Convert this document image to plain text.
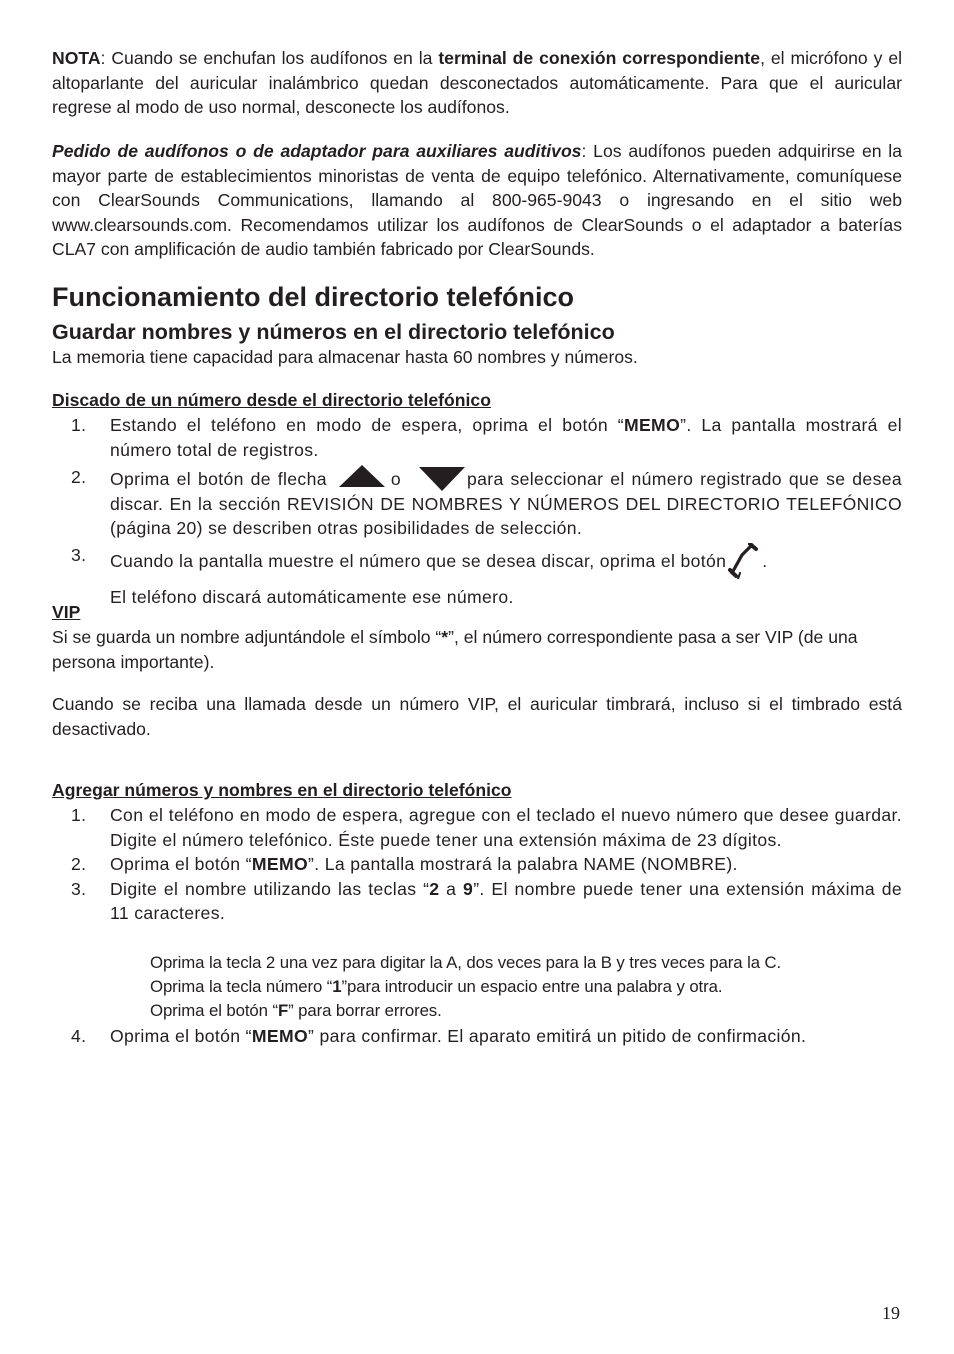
NOTA: Cuando se enchufan los audífonos en la terminal de conexión correspondiente, el micrófono y el altoparlante del auricular inalámbrico quedan desconectados automáticamente. Para que el auricular regrese al modo de uso normal, desconecte los audífonos.

Pedido de audífonos o de adaptador para auxiliares auditivos: Los audífonos pueden adquirirse en la mayor parte de establecimientos minoristas de venta de equipo telefónico. Alternativamente, comuníquese con ClearSounds Communications, llamando al 800-965-9043 o ingresando en el sitio web www.clearsounds.com. Recomendamos utilizar los audífonos de ClearSounds o el adaptador a baterías CLA7 con amplificación de audio también fabricado por ClearSounds.

Funcionamiento del directorio telefónico
Guardar nombres y números en el directorio telefónico

La memoria tiene capacidad para almacenar hasta 60 nombres y números.

Discado de un número desde el directorio telefónico

1. Estando el teléfono en modo de espera, oprima el botón “MEMO”. La pantalla mostrará el número total de registros.
2. Oprima el botón de flecha	o	para seleccionar el número registrado que se desea discar. En la sección REVISIÓN DE NOMBRES Y NÚMEROS DEL DIRECTORIO TELEFÓNICO (página 20) se describen otras posibilidades de selección.
3. Cuando la pantalla muestre el número que se desea discar, oprima el botón .
El teléfono discará automáticamente ese número.

VIP

Si se guarda un nombre adjuntándole el símbolo “*”, el número correspondiente pasa a ser VIP (de una persona importante).

Cuando se reciba una llamada desde un número VIP, el auricular timbrará, incluso si el timbrado está desactivado.

Agregar números y nombres en el directorio telefónico

1. Con el teléfono en modo de espera, agregue con el teclado el nuevo número que desee guardar. Digite el número telefónico. Éste puede tener una extensión máxima de 23 dígitos.
2. Oprima el botón “MEMO”. La pantalla mostrará la palabra NAME (NOMBRE).
3. Digite el nombre utilizando las teclas “2 a 9”. El nombre puede tener una extensión máxima de 11 caracteres.
Oprima la tecla 2 una vez para digitar la A, dos veces para la B y tres veces para la C.
Oprima la tecla número “1”para introducir un espacio entre una palabra y otra.
Oprima el botón “F” para borrar errores.
4. Oprima el botón “MEMO” para confirmar. El aparato emitirá un pitido de confirmación.
19
